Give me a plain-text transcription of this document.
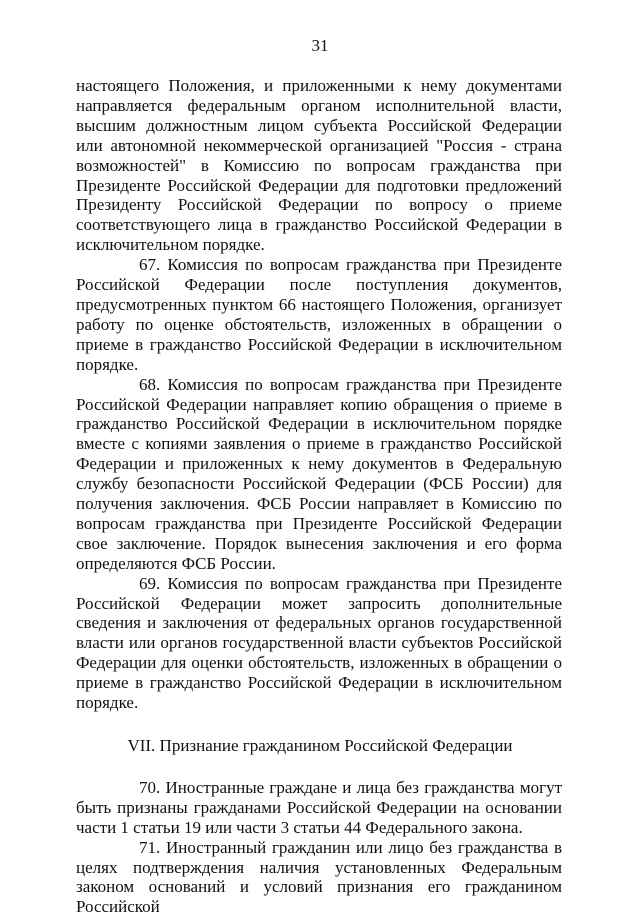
31

настоящего Положения, и приложенными к нему документами направляется федеральным органом исполнительной власти, высшим должностным лицом субъекта Российской Федерации или автономной некоммерческой организацией "Россия - страна возможностей" в Комиссию по вопросам гражданства при Президенте Российской Федерации для подготовки предложений Президенту Российской Федерации по вопросу о приеме соответствующего лица в гражданство Российской Федерации в исключительном порядке.

67. Комиссия по вопросам гражданства при Президенте Российской Федерации после поступления документов, предусмотренных пунктом 66 настоящего Положения, организует работу по оценке обстоятельств, изложенных в обращении о приеме в гражданство Российской Федерации в исключительном порядке.

68. Комиссия по вопросам гражданства при Президенте Российской Федерации направляет копию обращения о приеме в гражданство Российской Федерации в исключительном порядке вместе с копиями заявления о приеме в гражданство Российской Федерации и приложенных к нему документов в Федеральную службу безопасности Российской Федерации (ФСБ России) для получения заключения. ФСБ России направляет в Комиссию по вопросам гражданства при Президенте Российской Федерации свое заключение. Порядок вынесения заключения и его форма определяются ФСБ России.

69. Комиссия по вопросам гражданства при Президенте Российской Федерации может запросить дополнительные сведения и заключения от федеральных органов государственной власти или органов государственной власти субъектов Российской Федерации для оценки обстоятельств, изложенных в обращении о приеме в гражданство Российской Федерации в исключительном порядке.

VII. Признание гражданином Российской Федерации

70. Иностранные граждане и лица без гражданства могут быть признаны гражданами Российской Федерации на основании части 1 статьи 19 или части 3 статьи 44 Федерального закона.

71. Иностранный гражданин или лицо без гражданства в целях подтверждения наличия установленных Федеральным законом оснований и условий признания его гражданином Российской
